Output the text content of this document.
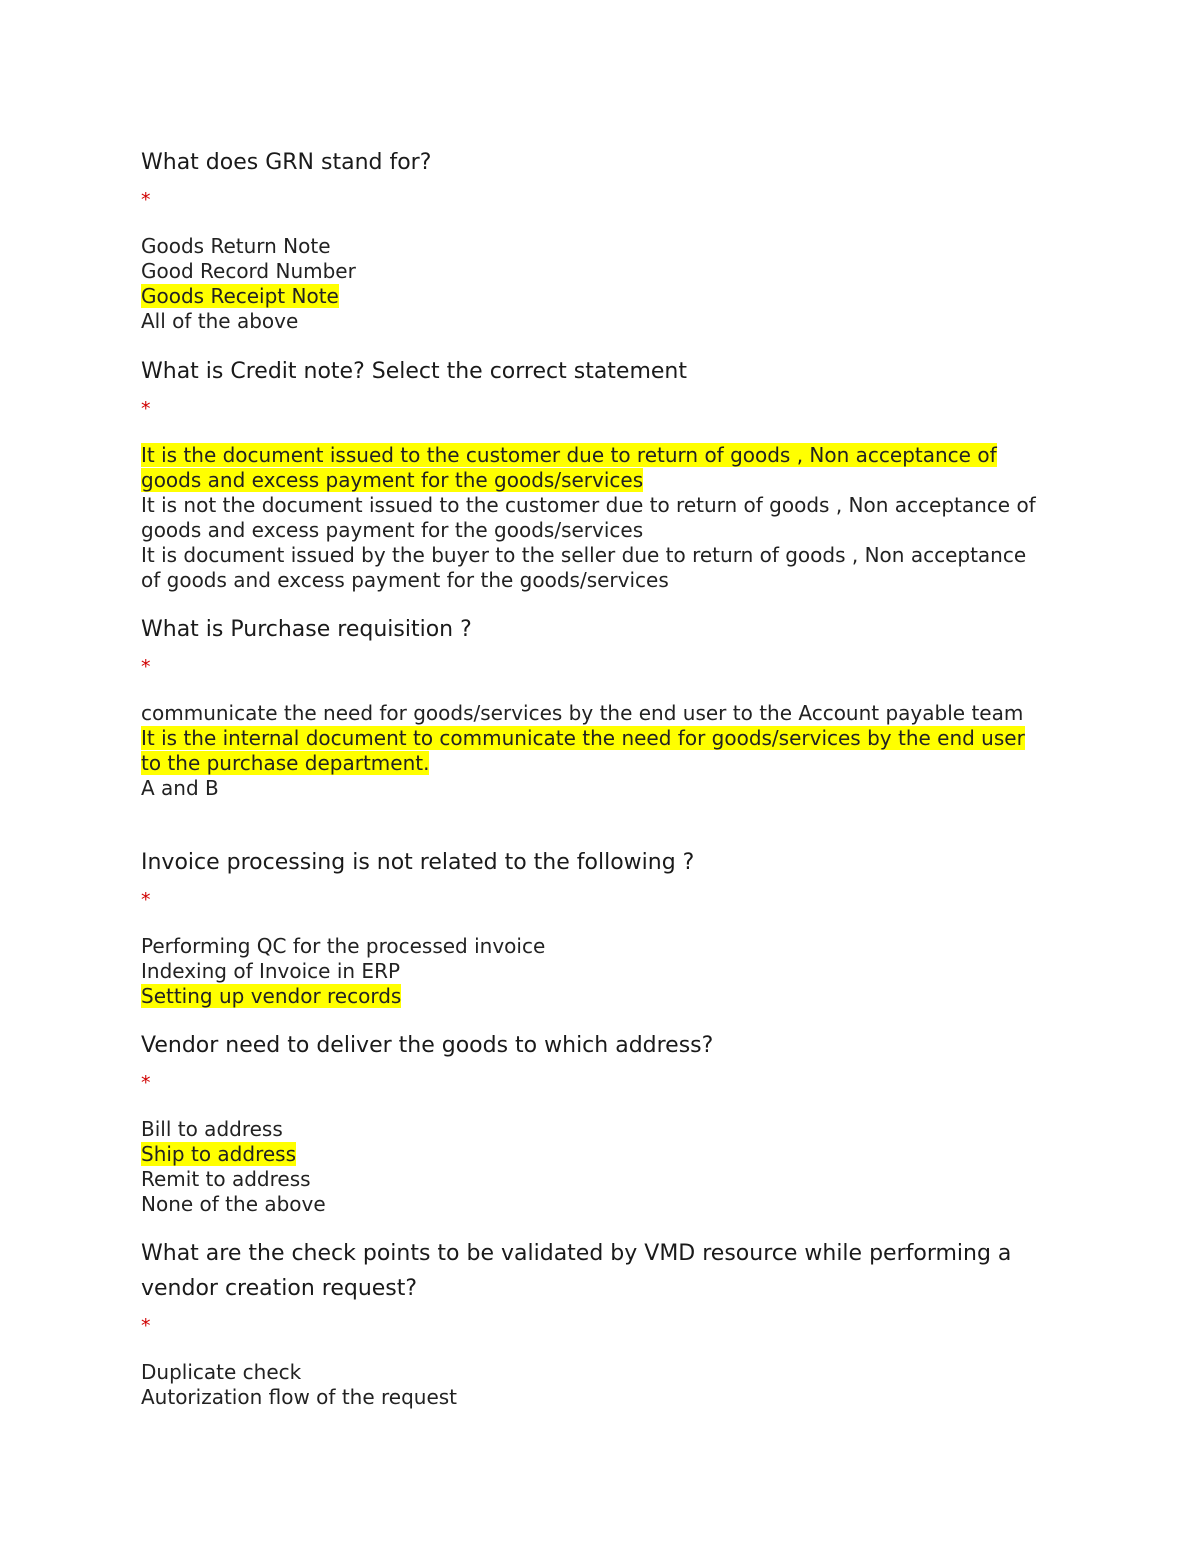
What does GRN stand for?
*
Goods Return Note
Good Record Number
Goods Receipt Note
All of the above
What is Credit note? Select the correct statement
*
It is the document issued to the customer due to return of goods , Non acceptance of goods and excess payment for the goods/services
It is not the document issued to the customer due to return of goods , Non acceptance of goods and excess payment for the goods/services
It is document issued by the buyer to the seller due to return of goods , Non acceptance of goods and excess payment for the goods/services
What is Purchase requisition ?
*
communicate the need for goods/services by the end user to the Account payable team
It is the internal document to communicate the need for goods/services by the end user to the purchase department.
A and B
Invoice processing is not related to the following ?
*
Performing QC for the processed invoice
Indexing of Invoice in ERP
Setting up vendor records
Vendor need to deliver the goods to which address?
*
Bill to address
Ship to address
Remit to address
None of the above
What are the check points to be validated by VMD resource while performing a vendor creation request?
*
Duplicate check
Autorization flow of the request
